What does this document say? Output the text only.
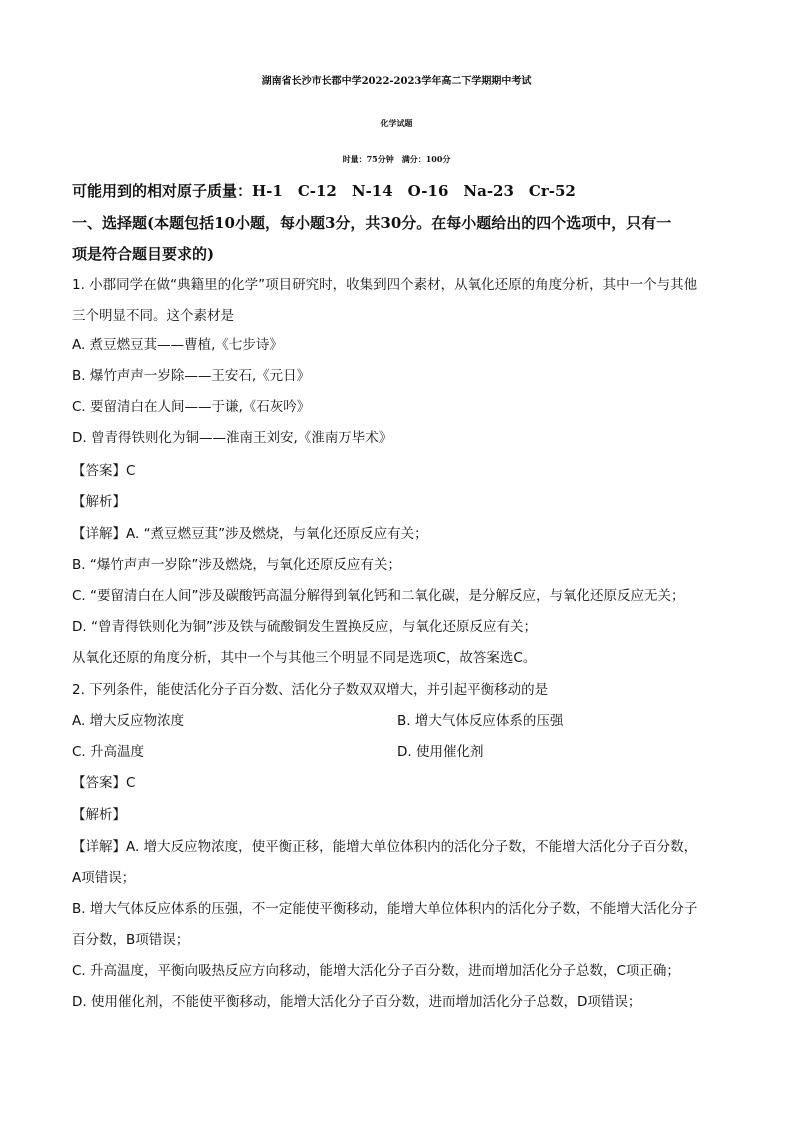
湖南省长沙市长郡中学2022-2023学年高二下学期期中考试
化学试题
时量：75分钟　满分：100分
可能用到的相对原子质量：H-1　C-12　N-14　O-16　Na-23　Cr-52
一、选择题(本题包括10小题，每小题3分，共30分。在每小题给出的四个选项中，只有一
项是符合题目要求的)
1. 小郡同学在做“典籍里的化学”项目研究时，收集到四个素材，从氧化还原的角度分析，其中一个与其他
三个明显不同。这个素材是
A. 煮豆燃豆萁——曹植,《七步诗》
B. 爆竹声声一岁除——王安石,《元日》
C. 要留清白在人间——于谦,《石灰吟》
D. 曾青得铁则化为铜——淮南王刘安,《淮南万毕术》
【答案】C
【解析】
【详解】A. “煮豆燃豆萁”涉及燃烧，与氧化还原反应有关；
B. “爆竹声声一岁除”涉及燃烧，与氧化还原反应有关；
C. “要留清白在人间”涉及碳酸钙高温分解得到氧化钙和二氧化碳，是分解反应，与氧化还原反应无关；
D. “曾青得铁则化为铜”涉及铁与硫酸铜发生置换反应，与氧化还原反应有关；
从氧化还原的角度分析，其中一个与其他三个明显不同是选项C，故答案选C。
2. 下列条件，能使活化分子百分数、活化分子数双双增大，并引起平衡移动的是
A. 增大反应物浓度	B. 增大气体反应体系的压强
C. 升高温度	D. 使用催化剂
【答案】C
【解析】
【详解】A. 增大反应物浓度，使平衡正移，能增大单位体积内的活化分子数，不能增大活化分子百分数，
A项错误；
B. 增大气体反应体系的压强，不一定能使平衡移动，能增大单位体积内的活化分子数，不能增大活化分子
百分数，B项错误；
C. 升高温度，平衡向吸热反应方向移动，能增大活化分子百分数，进而增加活化分子总数，C项正确；
D. 使用催化剂，不能使平衡移动，能增大活化分子百分数，进而增加活化分子总数，D项错误；
